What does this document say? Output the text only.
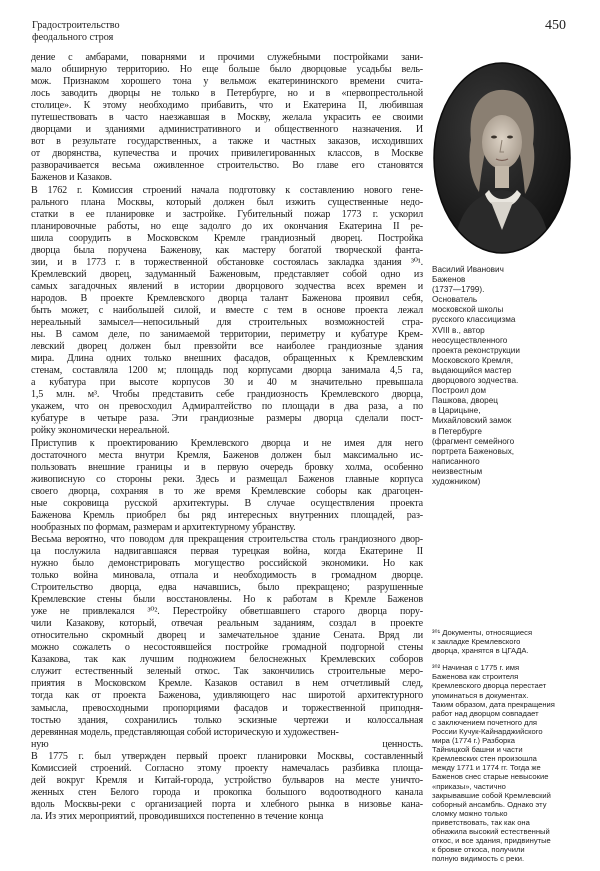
Градостроительство
феодального строя
450
дение с амбарами, поварнями и прочими служебными постройками зани-
мало обширную территорию. Но еще больше было дворцовые усадьбы вель-
мож. Признаком хорошего тона у вельмож екатерининского времени счита-
лось заводить дворцы не только в Петербурге, но и в «первопрестольной
столице». К этому необходимо прибавить, что и Екатерина II, любившая
путешествовать в часто наезжавшая в Москву, желала украсить ее своими
дворцами и зданиями административного и общественного назначения. И
вот в результате государственных, а также и частных заказов, исходивших
от дворянства, купечества и прочих привилегированных классов, в Москве
разворачивается весьма оживленное строительство. Во главе его становятся
Баженов и Казаков.
В 1762 г. Комиссия строений начала подготовку к составлению нового гене-
рального плана Москвы, который должен был изжить существенные недо-
статки в ее планировке и застройке. Губительный пожар 1773 г. ускорил
планировочные работы, но еще задолго до их окончания Екатерина II ре-
шила соорудить в Московском Кремле грандиозный дворец. Постройка
дворца была поручена Баженову, как мастеру богатой творческой фанта-
зии, и в 1773 г. в торжественной обстановке состоялась закладка здания ³⁰¹.
Кремлевский дворец, задуманный Баженовым, представляет собой одно из
самых загадочных явлений в истории дворцового зодчества всех времен и
народов. В проекте Кремлевского дворца талант Баженова проявил себя,
быть может, с наибольшей силой, и вместе с тем в основе проекта лежал
нереальный замысел—непосильный для строительных возможностей стра-
ны. В самом деле, по занимаемой территории, периметру и кубатуре Крем-
левский дворец должен был превзойти все наиболее грандиозные здания
мира. Длина одних только внешних фасадов, обращенных к Кремлевским
стенам, составляла 1200 м; площадь под корпусами дворца занимала 4,5 га,
а кубатура при высоте корпусов 30 и 40 м значительно превышала
1,5 млн. м³. Чтобы представить себе грандиозность Кремлевского дворца,
укажем, что он превосходил Адмиралтейство по площади в два раза, а по
кубатуре в четыре раза. Эти грандиозные размеры дворца сделали пост-
ройку экономически нереальной.
Приступив к проектированию Кремлевского дворца и не имея для него
достаточного места внутри Кремля, Баженов должен был максимально ис-
пользовать внешние границы и в первую очередь бровку холма, особенно
живописную со стороны реки. Здесь и размещал Баженов главные корпуса
своего дворца, сохраняя в то же время Кремлевские соборы как драгоцен-
ные сокровища русской архитектуры. В случае осуществления проекта
Баженова Кремль приобрел бы ряд интересных внутренних площадей, раз-
нообразных по формам, размерам и архитектурному убранству.
Весьма вероятно, что поводом для прекращения строительства столь грандиозного двор-
ца послужила надвигавшаяся первая турецкая война, когда Екатерине II
нужно было демонстрировать могущество российской экономики. Но как
только война миновала, отпала и необходимость в громадном дворце.
Строительство дворца, едва начавшись, было прекращено; разрушенные
Кремлевские стены были восстановлены. Но к работам в Кремле Баженов
уже не привлекался ³⁰². Перестройку обветшавшего старого дворца пору-
чили Казакову, который, отвечая реальным заданиям, создал в проекте
относительно скромный дворец и замечательное здание Сената. Вряд ли
можно сожалеть о несостоявшейся постройке громадной подгорной стены
Казакова, так как лучшим подножием белоснежных Кремлевских соборов
служит естественный зеленый откос. Так закончились строительные меро-
приятия в Московском Кремле. Казаков оставил в нем отчетливый след,
тогда как от проекта Баженова, удивляющего нас широтой архитектурного
замысла, превосходными пропорциями фасадов и торжественной приподня-
тостью здания, сохранились только эскизные чертежи и колоссальная
деревянная модель, представляющая собой историческую и художествен-
ную ценность.
В 1775 г. был утвержден первый проект планировки Москвы, составленный
Комиссией строений. Согласно этому проекту намечалась разбивка площа-
дей вокруг Кремля и Китай-города, устройство бульваров на месте уничто-
женных стен Белого города и прокопка большого водоотводного канала
вдоль Москвы-реки с организацией порта и хлебного рынка в низовье кана-
ла. Из этих мероприятий, проводившихся постепенно в течение конца
Василий Иванович
Баженов
(1737—1799).
Основатель
московской школы
русского классицизма
XVIII в., автор
неосуществленного
проекта реконструкции
Московского Кремля,
выдающийся мастер
дворцового зодчества.
Построил дом
Пашкова, дворец
в Царицыне,
Михайловский замок
в Петербурге
(фрагмент семейного
портрета Баженовых,
написанного
неизвестным
художником)
³⁰¹ Документы, относящиеся
к закладке Кремлевского
дворца, хранятся в ЦГАДА.
³⁰² Начиная с 1775 г. имя
Баженова как строителя
Кремлевского дворца перестает
упоминаться в документах.
Таким образом, дата прекращения
работ над дворцом совпадает
с заключением почетного для
России Кучук-Кайнарджийского
мира (1774 г.) Разборка
Тайницкой башни и части
Кремлевских стен произошла
между 1771 и 1774 гг. Тогда же
Баженов снес старые невысокие
«приказы», частично
закрывавшие собой Кремлевский
соборный ансамбль. Однако эту
сломку можно только
приветствовать, так как она
обнажила высокий естественный
откос, и все здания, придвинутые
к бровке откоса, получили
полную видимость с реки.
